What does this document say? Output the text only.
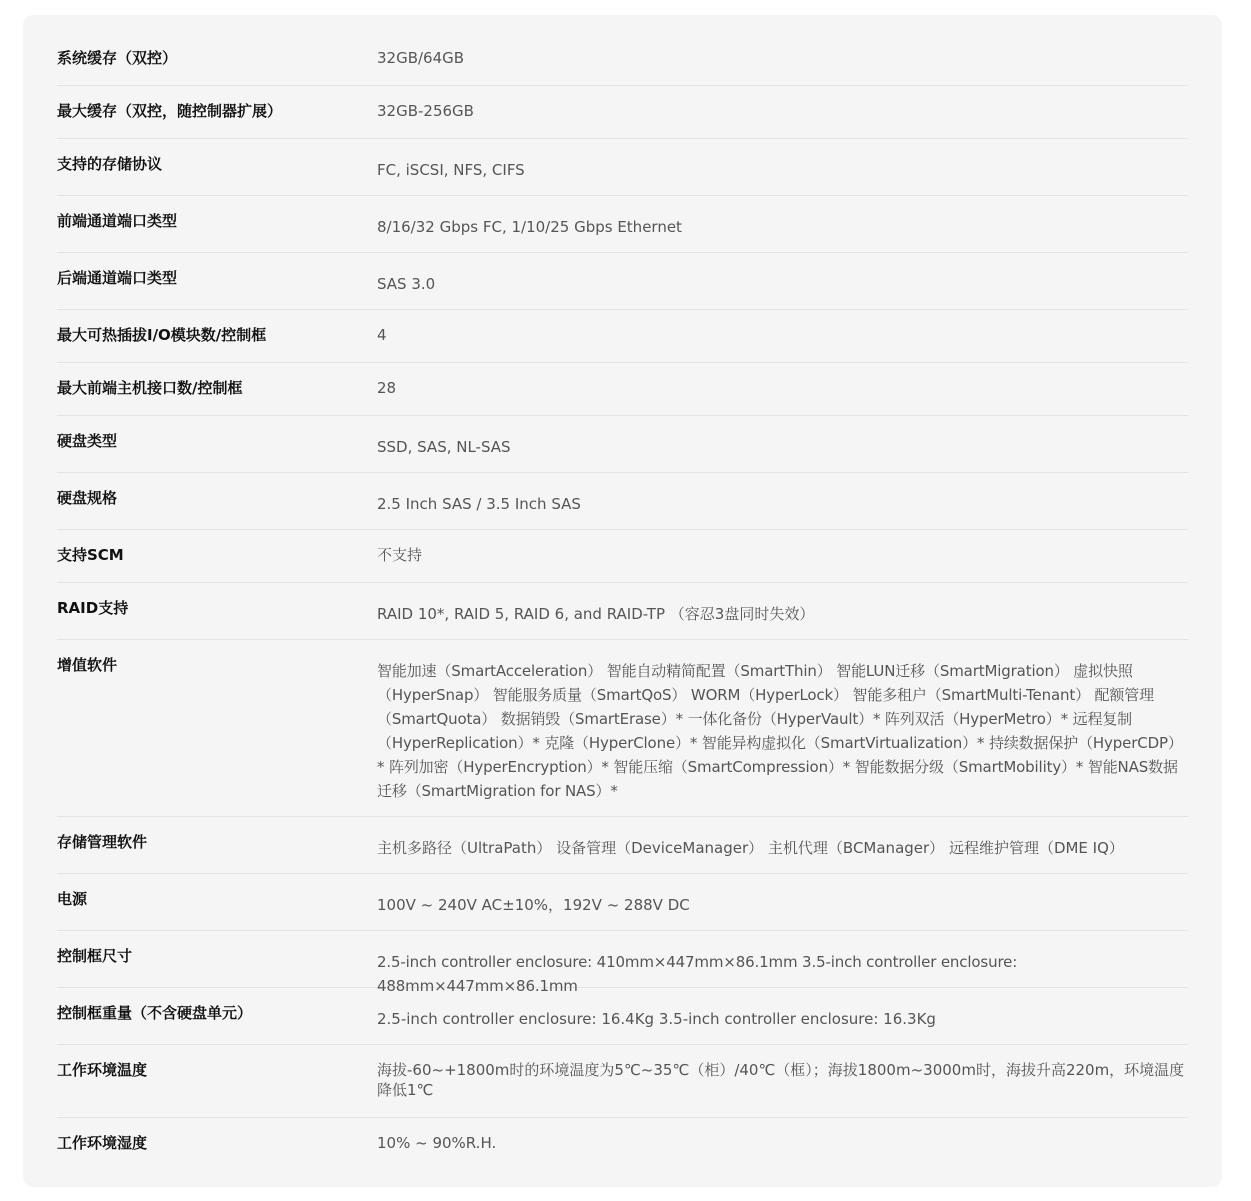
系统缓存（双控）	32GB/64GB
最大缓存（双控，随控制器扩展）	32GB-256GB
支持的存储协议	FC, iSCSI, NFS, CIFS
前端通道端口类型	8/16/32 Gbps FC, 1/10/25 Gbps Ethernet
后端通道端口类型	SAS 3.0
最大可热插拔I/O模块数/控制框	4
最大前端主机接口数/控制框	28
硬盘类型	SSD, SAS, NL-SAS
硬盘规格	2.5 Inch SAS / 3.5 Inch SAS
支持SCM	不支持
RAID支持	RAID 10*, RAID 5, RAID 6, and RAID-TP （容忍3盘同时失效）
增值软件	智能加速（SmartAcceleration） 智能自动精简配置（SmartThin） 智能LUN迁移（SmartMigration） 虚拟快照（HyperSnap） 智能服务质量（SmartQoS） WORM（HyperLock） 智能多租户（SmartMulti-Tenant） 配额管理（SmartQuota） 数据销毁（SmartErase）* 一体化备份（HyperVault）* 阵列双活（HyperMetro）* 远程复制（HyperReplication）* 克隆（HyperClone）* 智能异构虚拟化（SmartVirtualization）* 持续数据保护（HyperCDP）* 阵列加密（HyperEncryption）* 智能压缩（SmartCompression）* 智能数据分级（SmartMobility）* 智能NAS数据迁移（SmartMigration for NAS）*
存储管理软件	主机多路径（UltraPath） 设备管理（DeviceManager） 主机代理（BCManager） 远程维护管理（DME IQ）
电源	100V ~ 240V AC±10%，192V ~ 288V DC
控制框尺寸	2.5-inch controller enclosure: 410mm×447mm×86.1mm 3.5-inch controller enclosure: 488mm×447mm×86.1mm
控制框重量（不含硬盘单元）	2.5-inch controller enclosure: 16.4Kg 3.5-inch controller enclosure: 16.3Kg
工作环境温度	海拔-60~+1800m时的环境温度为5℃~35℃（柜）/40℃（框）；海拔1800m~3000m时，海拔升高220m，环境温度降低1℃
工作环境湿度	10% ~ 90%R.H.
